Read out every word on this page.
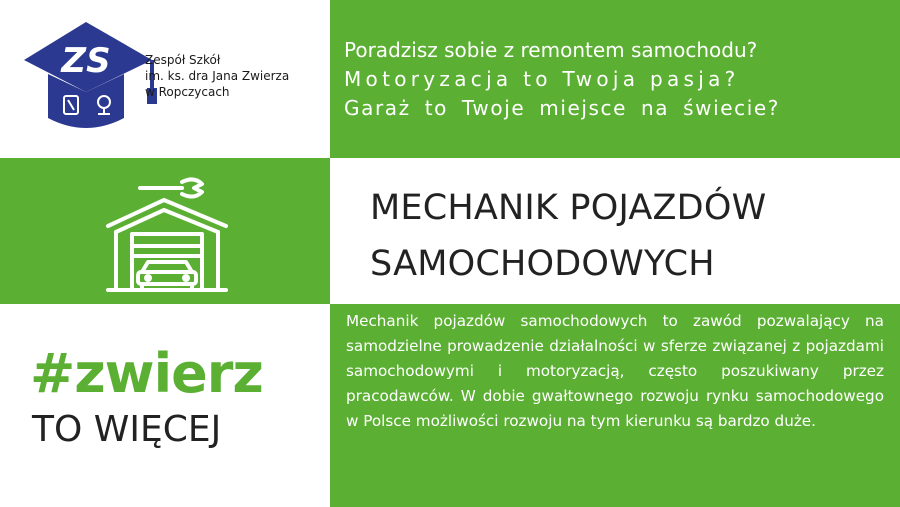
ZS	Zespół Szkół
im. ks. dra Jana Zwierza
w Ropczycach
Poradzisz sobie z remontem samochodu?
Motoryzacja to Twoja pasja?
Garaż to Twoje miejsce na świecie?
MECHANIK POJAZDÓW
SAMOCHODOWYCH
#zwierz
TO WIĘCEJ
Mechanik pojazdów samochodowych to zawód pozwalający na samodzielne prowadzenie działalności w sferze związanej z pojazdami samochodowymi i motoryzacją, często poszukiwany przez pracodawców. W dobie gwałtownego rozwoju rynku samochodowego w Polsce możliwości rozwoju na tym kierunku są bardzo duże.
